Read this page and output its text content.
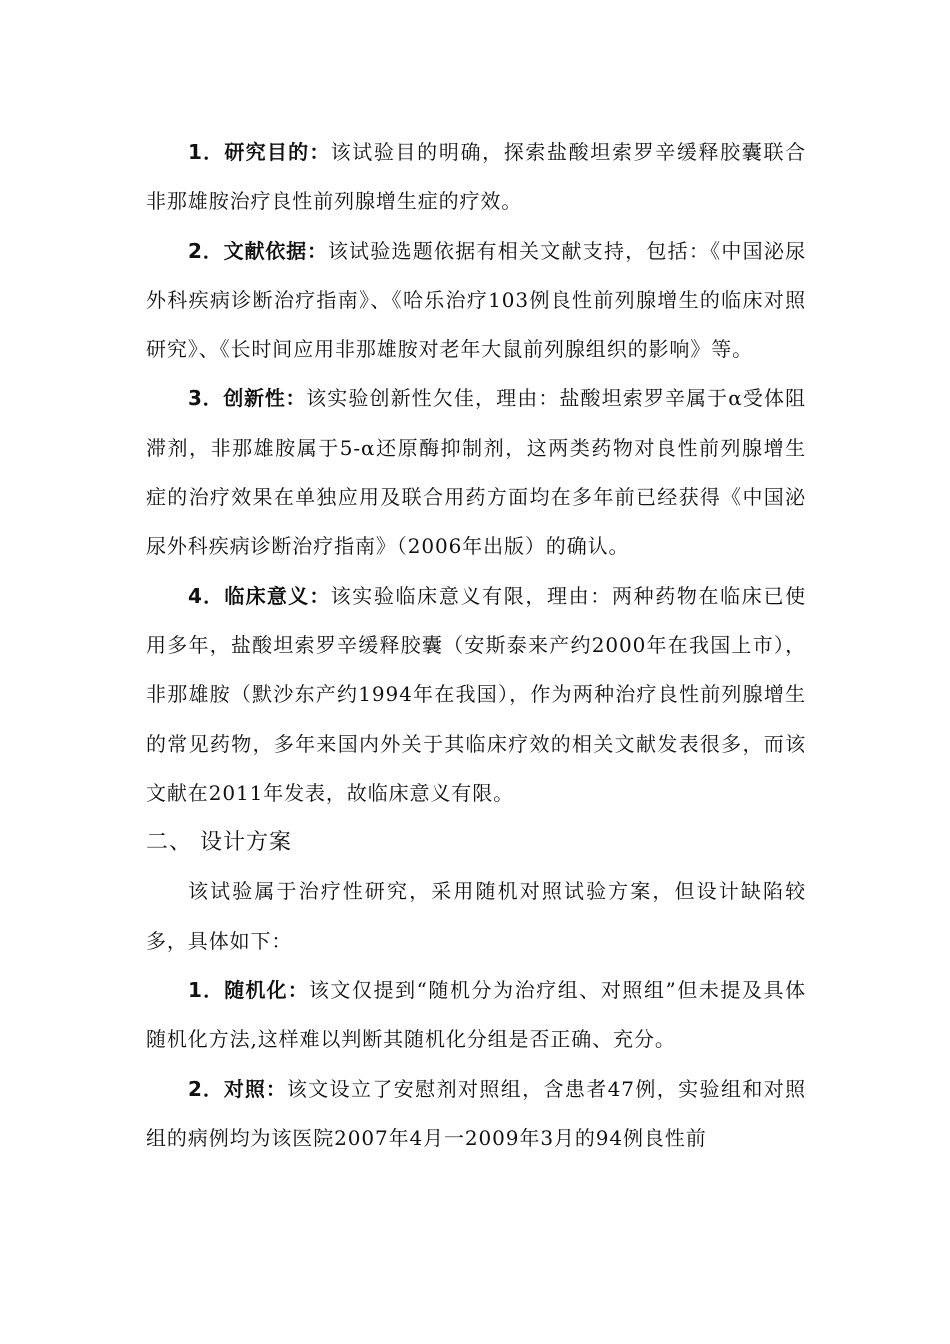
1．研究目的：该试验目的明确，探索盐酸坦索罗辛缓释胶囊联合非那雄胺治疗良性前列腺增生症的疗效。

2．文献依据：该试验选题依据有相关文献支持，包括：《中国泌尿外科疾病诊断治疗指南》、《哈乐治疗103例良性前列腺增生的临床对照研究》、《长时间应用非那雄胺对老年大鼠前列腺组织的影响》等。

3．创新性：该实验创新性欠佳，理由：盐酸坦索罗辛属于α受体阻滞剂，非那雄胺属于5-α还原酶抑制剂，这两类药物对良性前列腺增生症的治疗效果在单独应用及联合用药方面均在多年前已经获得《中国泌尿外科疾病诊断治疗指南》（2006年出版）的确认。

4．临床意义：该实验临床意义有限，理由：两种药物在临床已使用多年，盐酸坦索罗辛缓释胶囊（安斯泰来产约2000年在我国上市），非那雄胺（默沙东产约1994年在我国），作为两种治疗良性前列腺增生的常见药物，多年来国内外关于其临床疗效的相关文献发表很多，而该文献在2011年发表，故临床意义有限。

二、 设计方案

该试验属于治疗性研究，采用随机对照试验方案，但设计缺陷较多，具体如下：

1．随机化：该文仅提到“随机分为治疗组、对照组”但未提及具体随机化方法,这样难以判断其随机化分组是否正确、充分。

2．对照：该文设立了安慰剂对照组，含患者47例，实验组和对照组的病例均为该医院2007年4月一2009年3月的94例良性前
